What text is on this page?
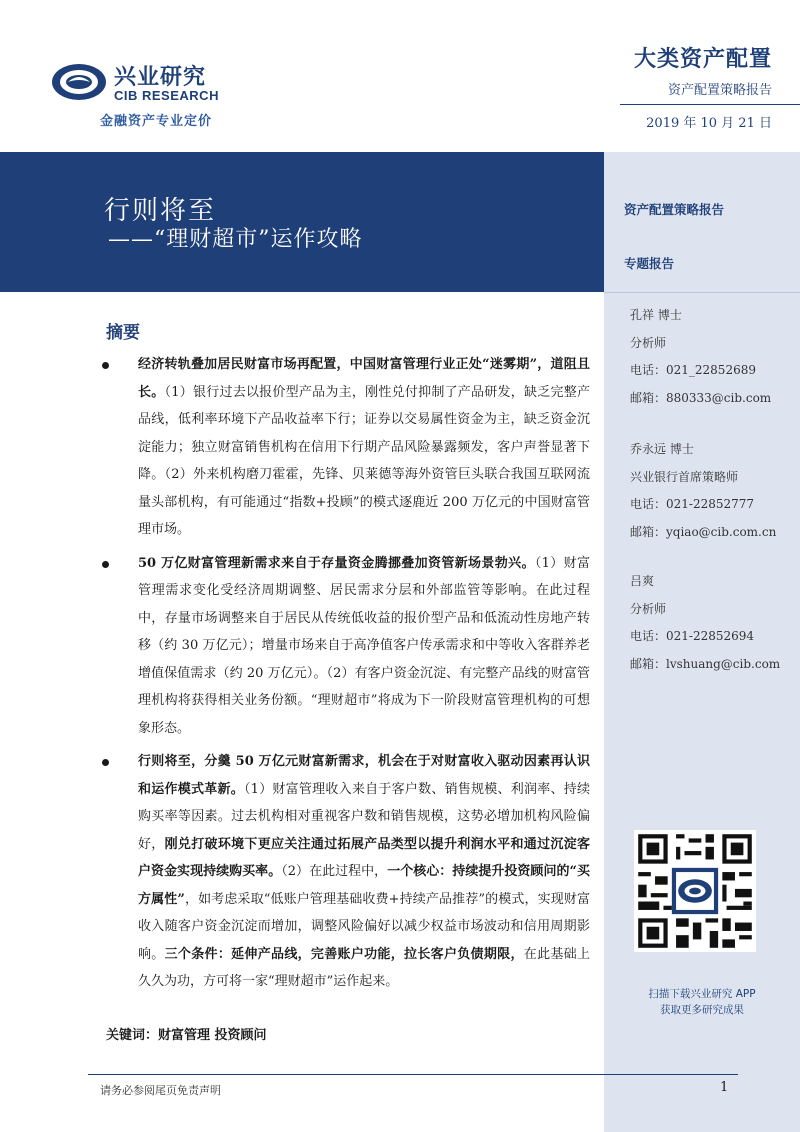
兴业研究
CIB RESEARCH
金融资产专业定价
大类资产配置
资产配置策略报告
2019 年 10 月 21 日
行则将至
——“理财超市”运作攻略
资产配置策略报告
专题报告
孔祥 博士
分析师
电话：021_22852689
邮箱：880333@cib.com
乔永远 博士
兴业银行首席策略师
电话：021-22852777
邮箱：yqiao@cib.com.cn
吕爽
分析师
电话：021-22852694
邮箱：lvshuang@cib.com
扫描下载兴业研究 APP
获取更多研究成果
摘要
经济转轨叠加居民财富市场再配置，中国财富管理行业正处“迷雾期”，道阻且长。（1）银行过去以报价型产品为主，刚性兑付抑制了产品研发，缺乏完整产品线，低利率环境下产品收益率下行；证券以交易属性资金为主，缺乏资金沉淀能力；独立财富销售机构在信用下行期产品风险暴露频发，客户声誉显著下降。（2）外来机构磨刀霍霍，先锋、贝莱德等海外资管巨头联合我国互联网流量头部机构，有可能通过“指数+投顾”的模式逐鹿近 200 万亿元的中国财富管理市场。
50 万亿财富管理新需求来自于存量资金腾挪叠加资管新场景勃兴。（1）财富管理需求变化受经济周期调整、居民需求分层和外部监管等影响。在此过程中，存量市场调整来自于居民从传统低收益的报价型产品和低流动性房地产转移（约 30 万亿元）；增量市场来自于高净值客户传承需求和中等收入客群养老增值保值需求（约 20 万亿元）。（2）有客户资金沉淀、有完整产品线的财富管理机构将获得相关业务份额。“理财超市”将成为下一阶段财富管理机构的可想象形态。
行则将至，分羹 50 万亿元财富新需求，机会在于对财富收入驱动因素再认识和运作模式革新。（1）财富管理收入来自于客户数、销售规模、利润率、持续购买率等因素。过去机构相对重视客户数和销售规模，这势必增加机构风险偏好，刚兑打破环境下更应关注通过拓展产品类型以提升利润水平和通过沉淀客户资金实现持续购买率。（2）在此过程中，一个核心：持续提升投资顾问的“买方属性”，如考虑采取“低账户管理基础收费+持续产品推荐”的模式，实现财富收入随客户资金沉淀而增加，调整风险偏好以减少权益市场波动和信用周期影响。三个条件：延伸产品线，完善账户功能，拉长客户负债期限，在此基础上久久为功，方可将一家“理财超市”运作起来。
关键词：财富管理 投资顾问
请务必参阅尾页免责声明	1
